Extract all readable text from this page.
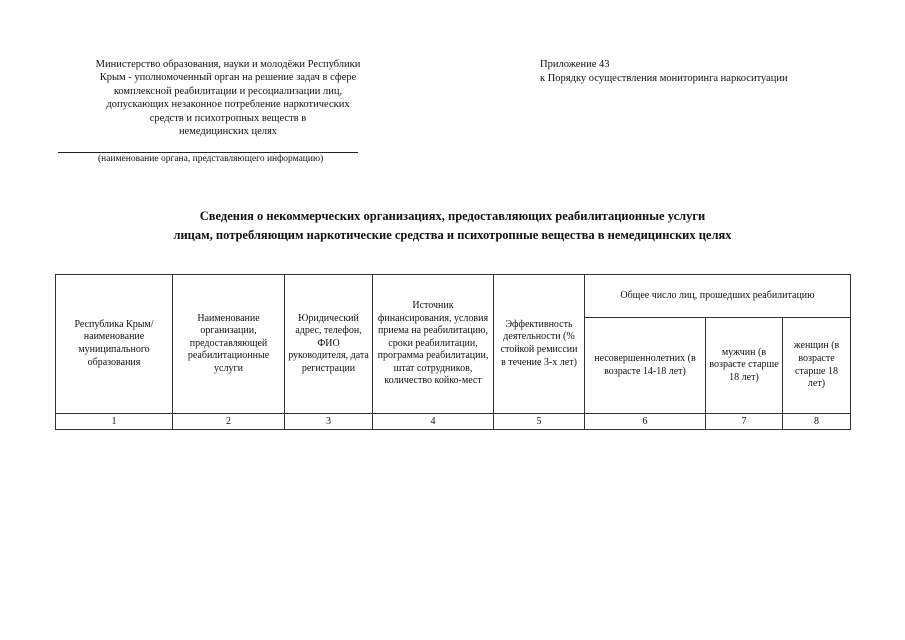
Министерство образования, науки и молодёжи Республики
Крым - уполномоченный орган на решение задач в сфере
комплексной реабилитации и ресоциализации лиц,
допускающих незаконное потребление наркотических
средств и психотропных веществ в
немедицинских целях
(наименование органа, представляющего информацию)
Приложение 43
к Порядку осуществления мониторинга наркоситуации
Сведения о некоммерческих организациях, предоставляющих реабилитационные услуги
лицам, потребляющим наркотические средства и психотропные вещества в немедицинских целях
Республика Крым/ наименование муниципального образования	Наименование организации, предоставляющей реабилитационные услуги	Юридический адрес, телефон, ФИО руководителя, дата регистрации	Источник финансирования, условия приема на реабилитацию, сроки реабилитации, программа реабилитации, штат сотрудников, количество койко-мест	Эффективность деятельности (% стойкой ремиссии в течение 3-х лет)	Общее число лиц, прошедших реабилитацию		
					несовершеннолетних (в возрасте 14-18 лет)	мужчин (в возрасте старше 18 лет)	женщин (в возрасте старше 18 лет)
1	2	3	4	5	6	7	8
